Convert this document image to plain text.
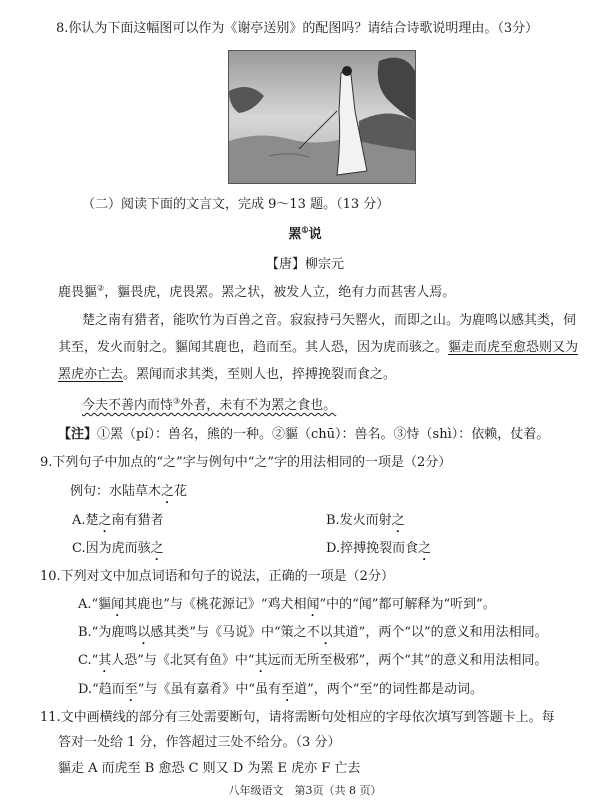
8.你认为下面这幅图可以作为《谢亭送别》的配图吗？请结合诗歌说明理由。（3分）
（二）阅读下面的文言文，完成 9～13 题。（13 分）
罴①说
【唐】柳宗元
鹿畏貙②，貙畏虎，虎畏罴。罴之状，被发人立，绝有力而甚害人焉。
楚之南有猎者，能吹竹为百兽之音。寂寂持弓矢罂火，而即之山。为鹿鸣以感其类，伺
其至，发火而射之。貙闻其鹿也，趋而至。其人恐，因为虎而骇之。貙走而虎至愈恐则又为
罴虎亦亡去。罴闻而求其类，至则人也，捽搏挽裂而食之。
今夫不善内而恃③外者，未有不为罴之食也。
【注】①罴（pí）：兽名，熊的一种。②貙（chū）：兽名。③恃（shì）：依赖，仗着。
9.下列句子中加点的“之”字与例句中“之”字的用法相同的一项是（2分）
例句：水陆草木之花
A.楚之南有猎者	B.发火而射之
C.因为虎而骇之	D.捽搏挽裂而食之
10.下列对文中加点词语和句子的说法，正确的一项是（2分）
A.“貙闻其鹿也”与《桃花源记》“鸡犬相闻”中的“闻”都可解释为“听到”。
B.“为鹿鸣以感其类”与《马说》中“策之不以其道”，两个“以”的意义和用法相同。
C.“其人恐”与《北冥有鱼》中“其远而无所至极邪”，两个“其”的意义和用法相同。
D.“趋而至”与《虽有嘉肴》中“虽有至道”，两个“至”的词性都是动词。
11.文中画横线的部分有三处需要断句，请将需断句处相应的字母依次填写到答题卡上。每
答对一处给 1 分，作答超过三处不给分。（3 分）
貙走 A 而虎至 B 愈恐 C 则又 D 为罴 E 虎亦 F 亡去
八年级语文　第3页（共 8 页）
